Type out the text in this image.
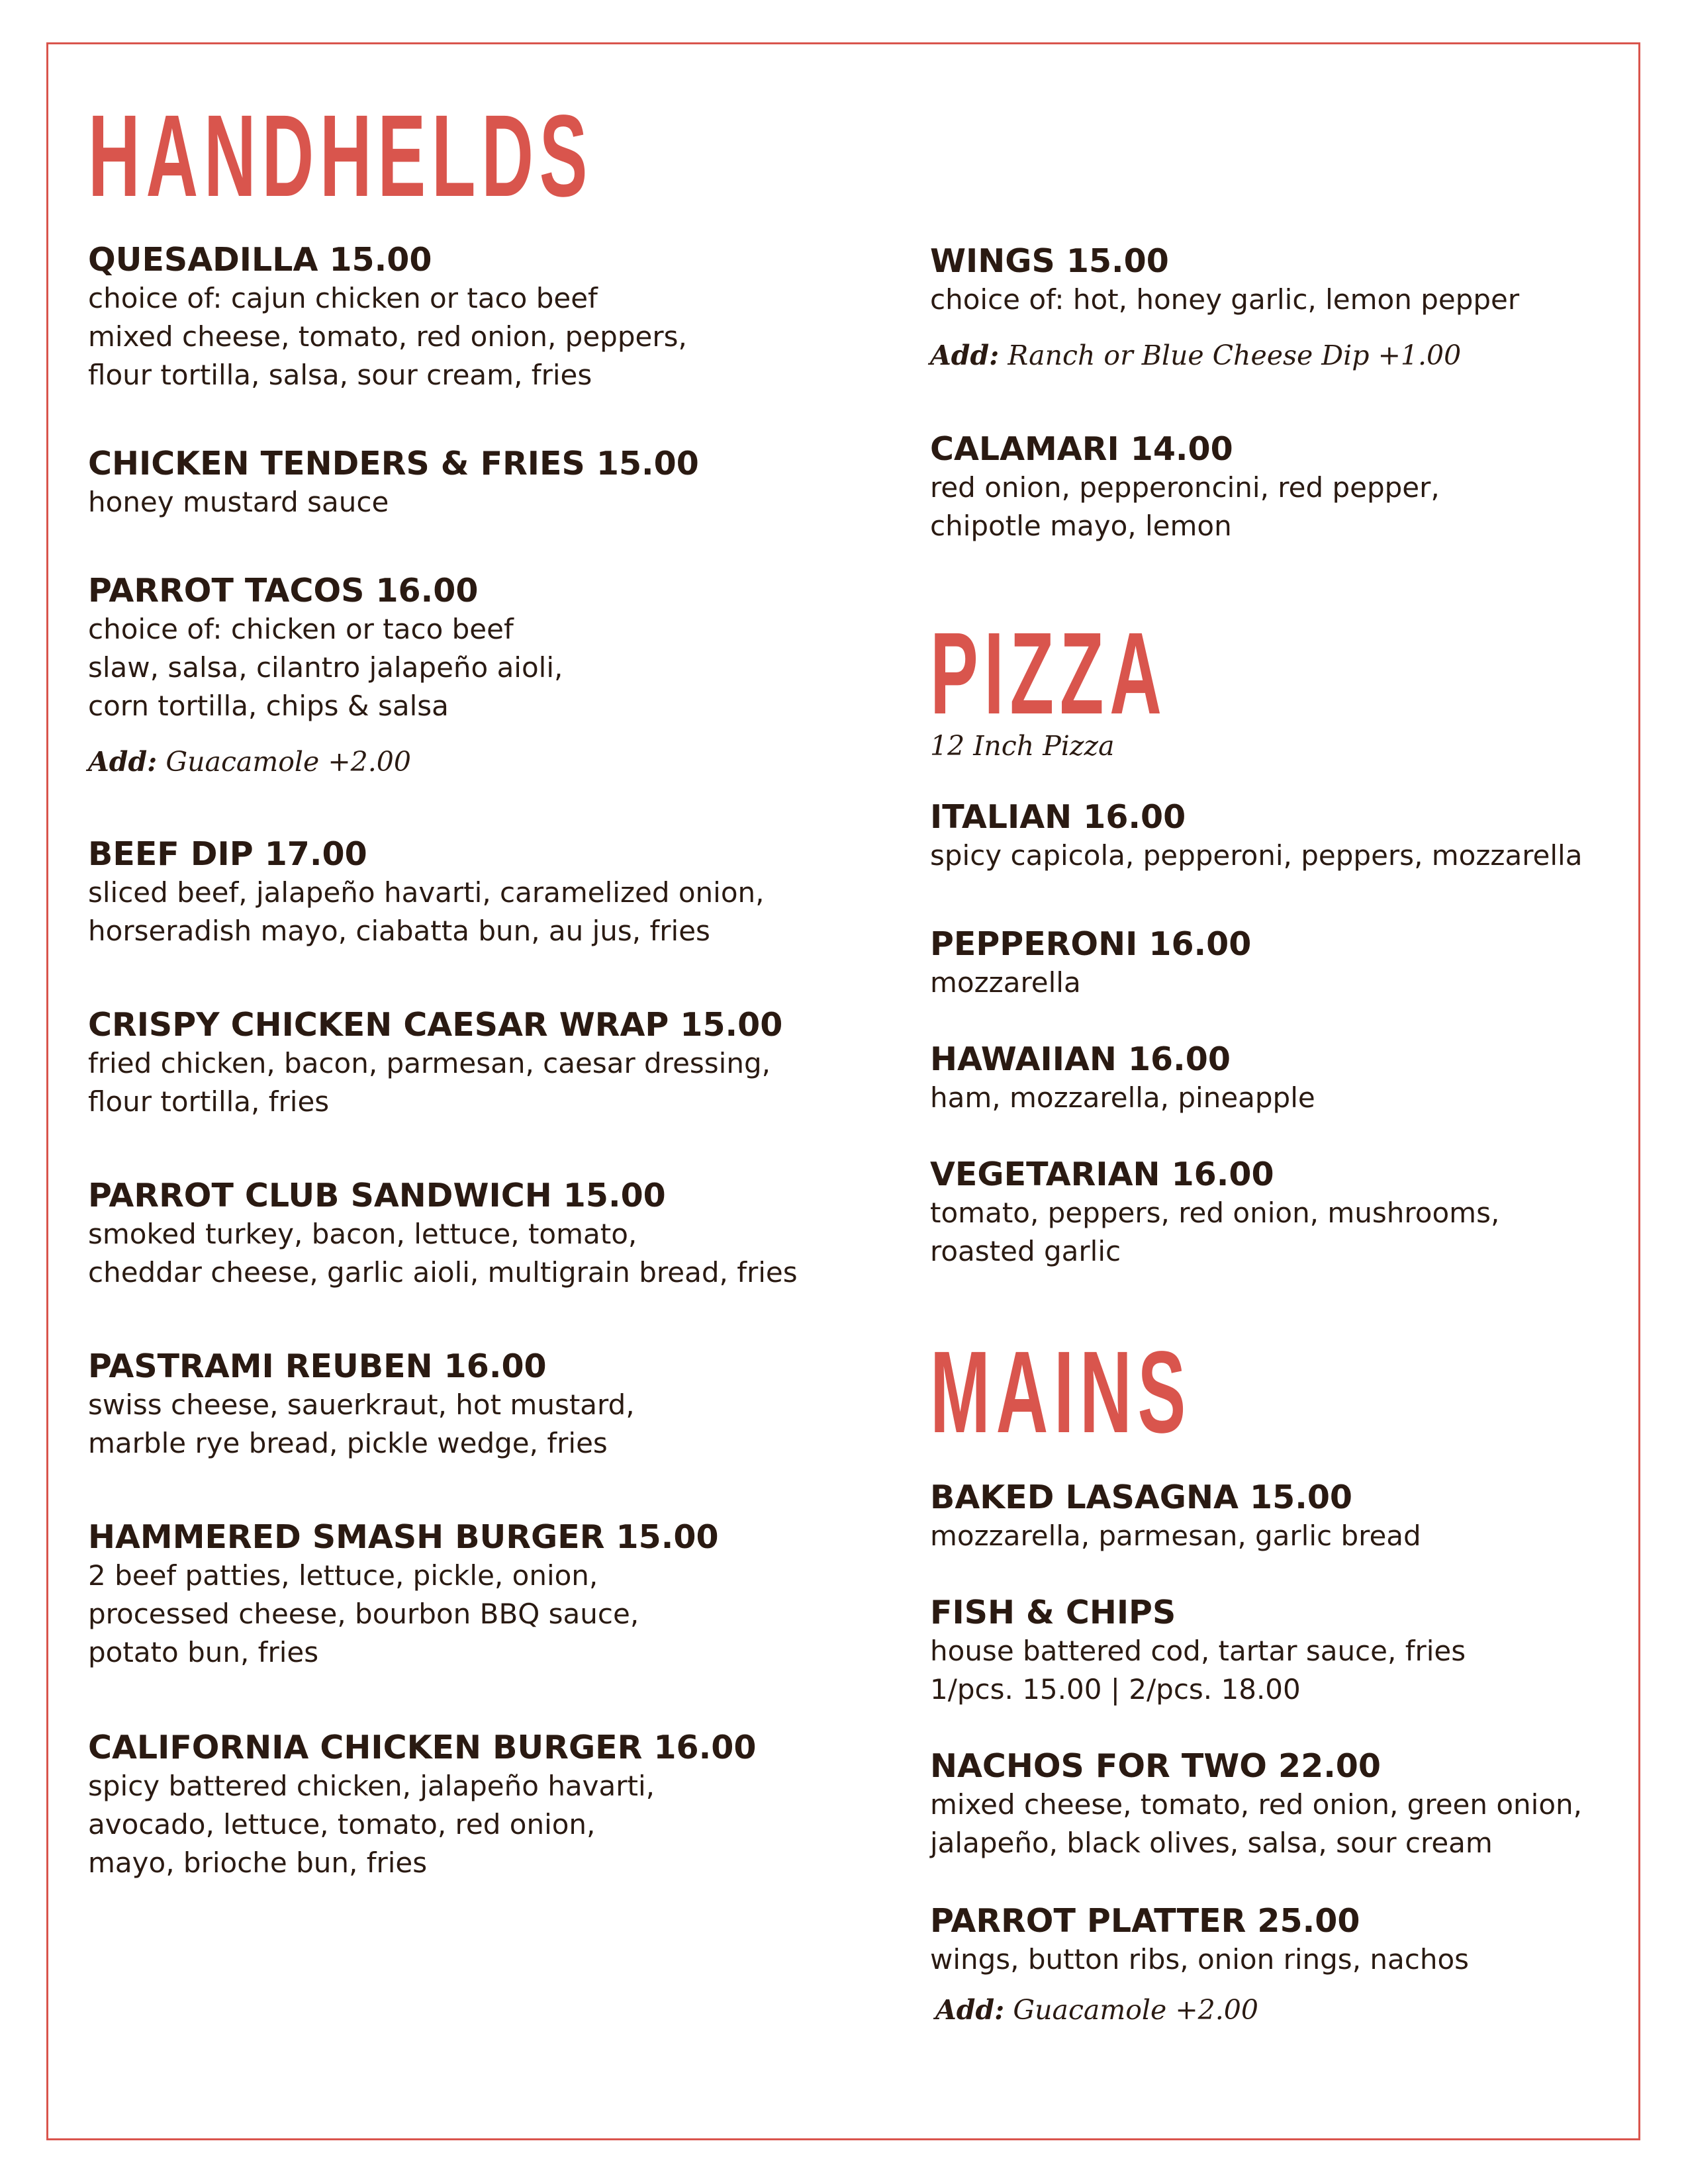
HANDHELDS
QUESADILLA 15.00
choice of: cajun chicken or taco beef
mixed cheese, tomato, red onion, peppers,
flour tortilla, salsa, sour cream, fries
CHICKEN TENDERS & FRIES 15.00
honey mustard sauce
PARROT TACOS 16.00
choice of: chicken or taco beef
slaw, salsa, cilantro jalapeño aioli,
corn tortilla, chips & salsa
Add: Guacamole +2.00
BEEF DIP 17.00
sliced beef, jalapeño havarti, caramelized onion,
horseradish mayo, ciabatta bun, au jus, fries
CRISPY CHICKEN CAESAR WRAP 15.00
fried chicken, bacon, parmesan, caesar dressing,
flour tortilla, fries
PARROT CLUB SANDWICH 15.00
smoked turkey, bacon, lettuce, tomato,
cheddar cheese, garlic aioli, multigrain bread, fries
PASTRAMI REUBEN 16.00
swiss cheese, sauerkraut, hot mustard,
marble rye bread, pickle wedge, fries
HAMMERED SMASH BURGER 15.00
2 beef patties, lettuce, pickle, onion,
processed cheese, bourbon BBQ sauce,
potato bun, fries
CALIFORNIA CHICKEN BURGER 16.00
spicy battered chicken, jalapeño havarti,
avocado, lettuce, tomato, red onion,
mayo, brioche bun, fries
WINGS 15.00
choice of: hot, honey garlic, lemon pepper
Add: Ranch or Blue Cheese Dip +1.00
CALAMARI 14.00
red onion, pepperoncini, red pepper,
chipotle mayo, lemon
PIZZA
12 Inch Pizza
ITALIAN 16.00
spicy capicola, pepperoni, peppers, mozzarella
PEPPERONI 16.00
mozzarella
HAWAIIAN 16.00
ham, mozzarella, pineapple
VEGETARIAN 16.00
tomato, peppers, red onion, mushrooms,
roasted garlic
MAINS
BAKED LASAGNA 15.00
mozzarella, parmesan, garlic bread
FISH & CHIPS
house battered cod, tartar sauce, fries
1/pcs. 15.00 | 2/pcs. 18.00
NACHOS FOR TWO 22.00
mixed cheese, tomato, red onion, green onion,
jalapeño, black olives, salsa, sour cream
PARROT PLATTER 25.00
wings, button ribs, onion rings, nachos
Add: Guacamole +2.00
